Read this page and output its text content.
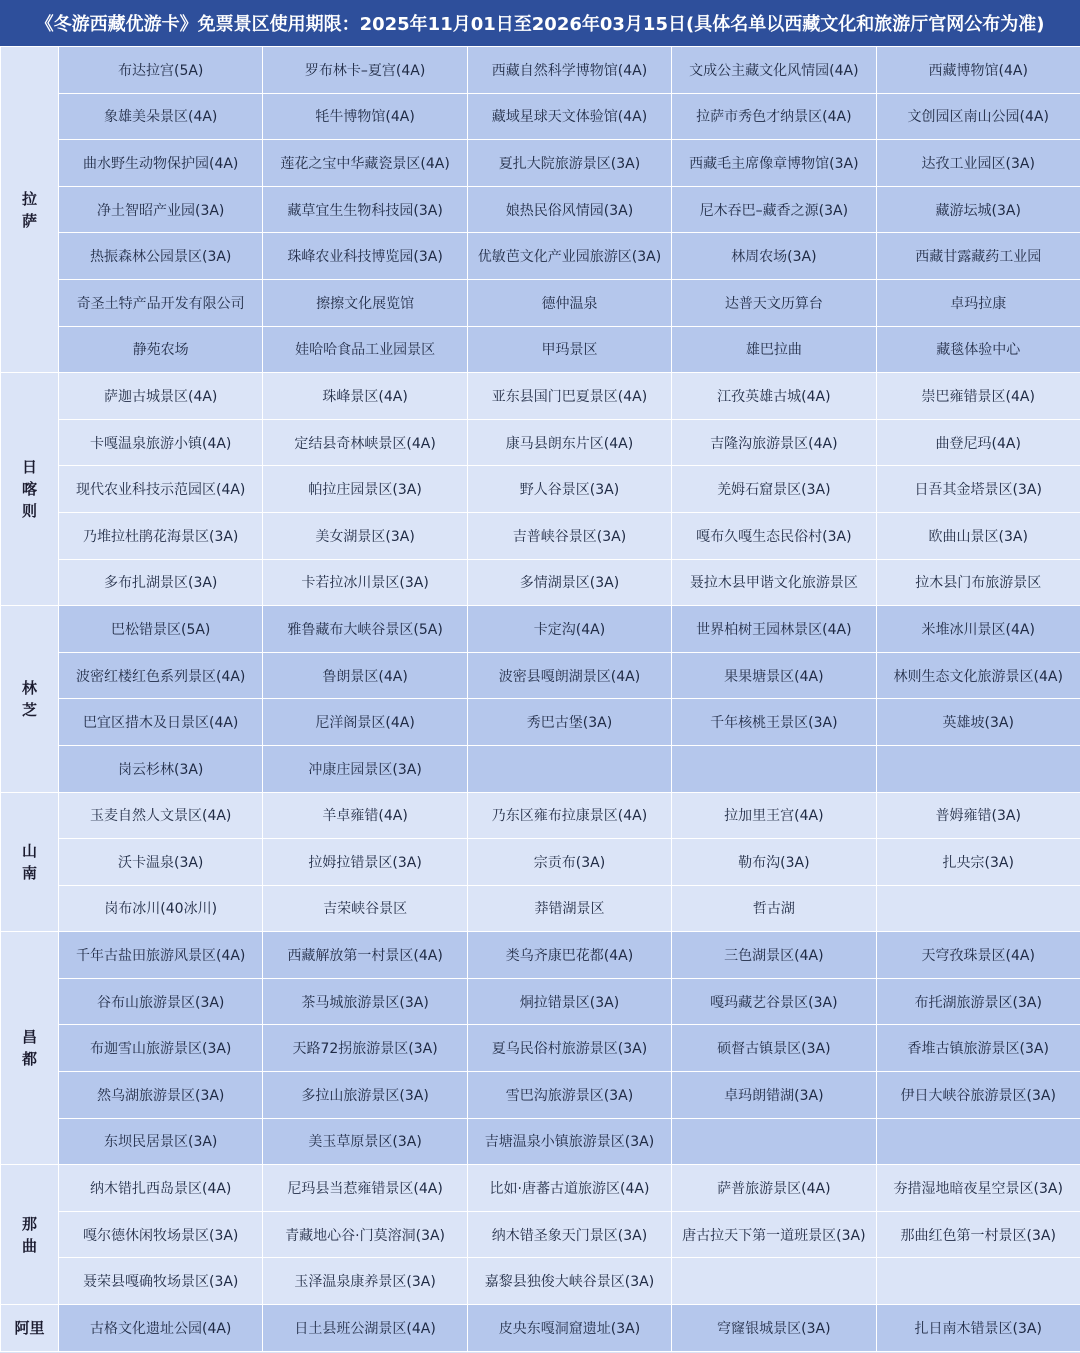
《冬游西藏优游卡》免票景区使用期限：2025年11月01日至2026年03月15日(具体名单以西藏文化和旅游厅官网公布为准)
拉萨	布达拉宫(5A)	罗布林卡–夏宫(4A)	西藏自然科学博物馆(4A)	文成公主藏文化风情园(4A)	西藏博物馆(4A)
	象雄美朵景区(4A)	牦牛博物馆(4A)	藏域星球天文体验馆(4A)	拉萨市秀色才纳景区(4A)	文创园区南山公园(4A)
	曲水野生动物保护园(4A)	莲花之宝中华藏瓷景区(4A)	夏扎大院旅游景区(3A)	西藏毛主席像章博物馆(3A)	达孜工业园区(3A)
	净土智昭产业园(3A)	藏草宜生生物科技园(3A)	娘热民俗风情园(3A)	尼木吞巴–藏香之源(3A)	藏游坛城(3A)
	热振森林公园景区(3A)	珠峰农业科技博览园(3A)	优敏芭文化产业园旅游区(3A)	林周农场(3A)	西藏甘露藏药工业园
	奇圣土特产品开发有限公司	擦擦文化展览馆	德仲温泉	达普天文历算台	卓玛拉康
	静苑农场	娃哈哈食品工业园景区	甲玛景区	雄巴拉曲	藏毯体验中心
日喀则	萨迦古城景区(4A)	珠峰景区(4A)	亚东县国门巴夏景区(4A)	江孜英雄古城(4A)	崇巴雍错景区(4A)
	卡嘎温泉旅游小镇(4A)	定结县奇林峡景区(4A)	康马县朗东片区(4A)	吉隆沟旅游景区(4A)	曲登尼玛(4A)
	现代农业科技示范园区(4A)	帕拉庄园景区(3A)	野人谷景区(3A)	羌姆石窟景区(3A)	日吾其金塔景区(3A)
	乃堆拉杜鹃花海景区(3A)	美女湖景区(3A)	吉普峡谷景区(3A)	嘎布久嘎生态民俗村(3A)	欧曲山景区(3A)
	多布扎湖景区(3A)	卡若拉冰川景区(3A)	多情湖景区(3A)	聂拉木县甲谐文化旅游景区	拉木县门布旅游景区
林芝	巴松错景区(5A)	雅鲁藏布大峡谷景区(5A)	卡定沟(4A)	世界柏树王园林景区(4A)	米堆冰川景区(4A)
	波密红楼红色系列景区(4A)	鲁朗景区(4A)	波密县嘎朗湖景区(4A)	果果塘景区(4A)	林则生态文化旅游景区(4A)
	巴宜区措木及日景区(4A)	尼洋阁景区(4A)	秀巴古堡(3A)	千年核桃王景区(3A)	英雄坡(3A)
	岗云杉林(3A)	冲康庄园景区(3A)			
山南	玉麦自然人文景区(4A)	羊卓雍错(4A)	乃东区雍布拉康景区(4A)	拉加里王宫(4A)	普姆雍错(3A)
	沃卡温泉(3A)	拉姆拉错景区(3A)	宗贡布(3A)	勒布沟(3A)	扎央宗(3A)
	岗布冰川(40冰川)	吉荣峡谷景区	莽错湖景区	哲古湖	
昌都	千年古盐田旅游风景区(4A)	西藏解放第一村景区(4A)	类乌齐康巴花都(4A)	三色湖景区(4A)	天穹孜珠景区(4A)
	谷布山旅游景区(3A)	茶马城旅游景区(3A)	烔拉错景区(3A)	嘎玛藏艺谷景区(3A)	布托湖旅游景区(3A)
	布迦雪山旅游景区(3A)	天路72拐旅游景区(3A)	夏乌民俗村旅游景区(3A)	硕督古镇景区(3A)	香堆古镇旅游景区(3A)
	然乌湖旅游景区(3A)	多拉山旅游景区(3A)	雪巴沟旅游景区(3A)	卓玛朗错湖(3A)	伊日大峡谷旅游景区(3A)
	东坝民居景区(3A)	美玉草原景区(3A)	吉塘温泉小镇旅游景区(3A)		
那曲	纳木错扎西岛景区(4A)	尼玛县当惹雍错景区(4A)	比如·唐蕃古道旅游区(4A)	萨普旅游景区(4A)	夯措湿地暗夜星空景区(3A)
	嘎尔德休闲牧场景区(3A)	青藏地心谷·门莫溶洞(3A)	纳木错圣象天门景区(3A)	唐古拉天下第一道班景区(3A)	那曲红色第一村景区(3A)
	聂荣县嘎确牧场景区(3A)	玉泽温泉康养景区(3A)	嘉黎县独俊大峡谷景区(3A)		
阿里	古格文化遗址公园(4A)	日土县班公湖景区(4A)	皮央东嘎洞窟遗址(3A)	穹窿银城景区(3A)	扎日南木错景区(3A)
